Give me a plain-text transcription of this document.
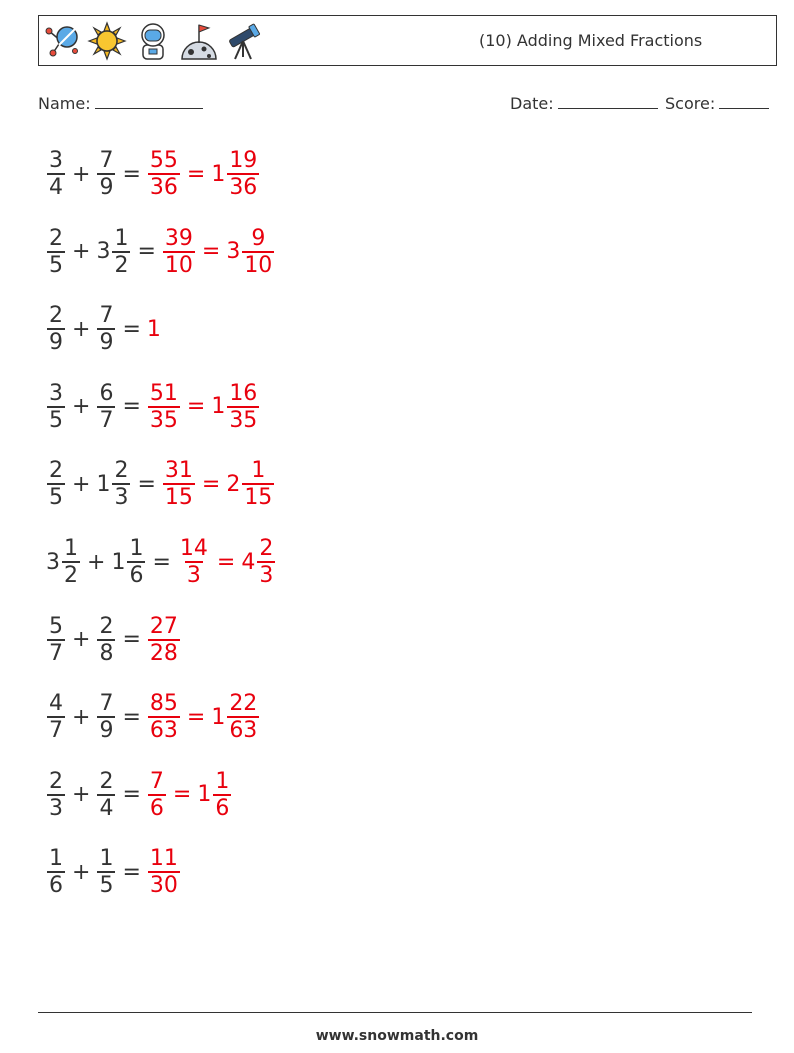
(10) Adding Mixed Fractions
Name:	Date:	Score:
$\frac{3}{4} + \frac{7}{9} = \frac{55}{36} = 1 \frac{19}{36}$
$\frac{2}{5} + 3 \frac{1}{2} = \frac{39}{10} = 3 \frac{9}{10}$
$\frac{2}{9} + \frac{7}{9} = 1$
$\frac{3}{5} + \frac{6}{7} = \frac{51}{35} = 1 \frac{16}{35}$
$\frac{2}{5} + 1 \frac{2}{3} = \frac{31}{15} = 2 \frac{1}{15}$
$3 \frac{1}{2} + 1 \frac{1}{6} = \frac{14}{3} = 4 \frac{2}{3}$
$\frac{5}{7} + \frac{2}{8} = \frac{27}{28}$
$\frac{4}{7} + \frac{7}{9} = \frac{85}{63} = 1 \frac{22}{63}$
$\frac{2}{3} + \frac{2}{4} = \frac{7}{6} = 1 \frac{1}{6}$
$\frac{1}{6} + \frac{1}{5} = \frac{11}{30}$
www.snowmath.com
